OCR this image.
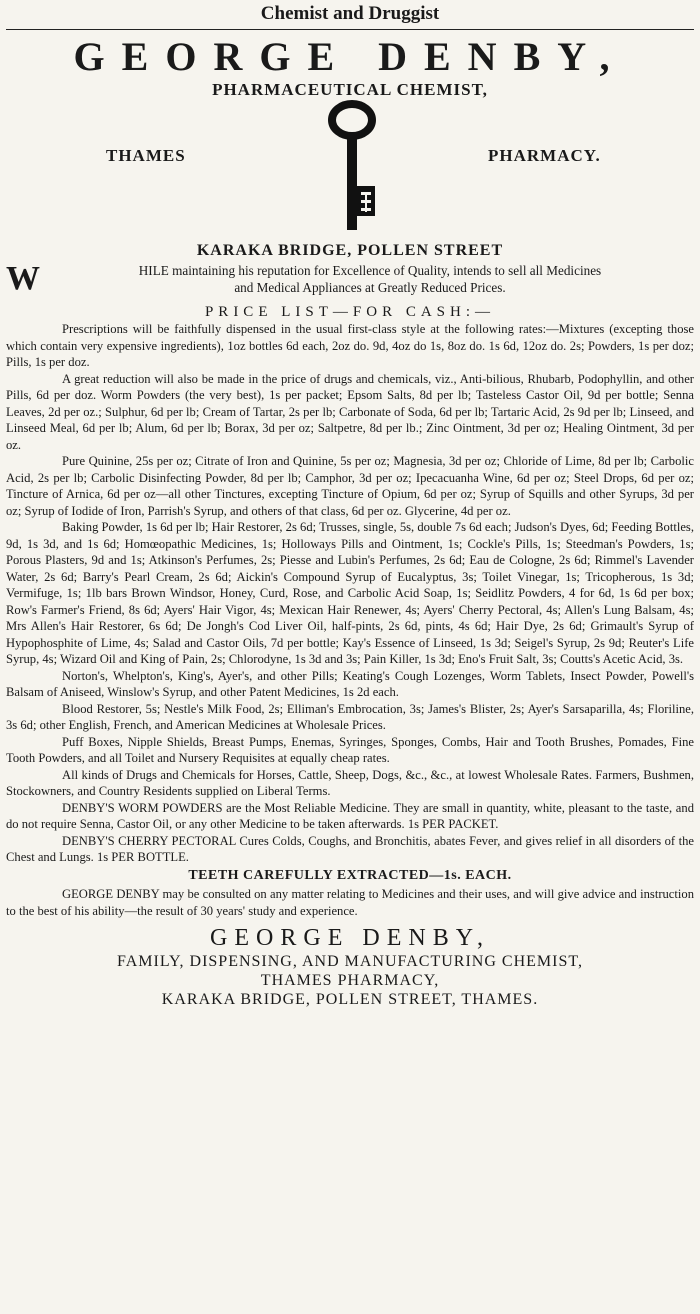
Chemist and Druggist
GEORGE DENBY,
PHARMACEUTICAL CHEMIST,
THAMES	PHARMACY.
KARAKA BRIDGE, POLLEN STREET
W	HILE maintaining his reputation for Excellence of Quality, intends to sell all Medicines
and Medical Appliances at Greatly Reduced Prices.
PRICE LIST—FOR CASH:—

Prescriptions will be faithfully dispensed in the usual first-class style at the following rates:—Mixtures (excepting those which contain very expensive ingredients), 1oz bottles 6d each, 2oz do. 9d, 4oz do 1s, 8oz do. 1s 6d, 12oz do. 2s; Powders, 1s per doz; Pills, 1s per doz.

A great reduction will also be made in the price of drugs and chemicals, viz., Anti-bilious, Rhubarb, Podophyllin, and other Pills, 6d per doz. Worm Powders (the very best), 1s per packet; Epsom Salts, 8d per lb; Tasteless Castor Oil, 9d per bottle; Senna Leaves, 2d per oz.; Sulphur, 6d per lb; Cream of Tartar, 2s per lb; Carbonate of Soda, 6d per lb; Tartaric Acid, 2s 9d per lb; Linseed, and Linseed Meal, 6d per lb; Alum, 6d per lb; Borax, 3d per oz; Saltpetre, 8d per lb.; Zinc Ointment, 3d per oz; Healing Ointment, 3d per oz.

Pure Quinine, 25s per oz; Citrate of Iron and Quinine, 5s per oz; Magnesia, 3d per oz; Chloride of Lime, 8d per lb; Carbolic Acid, 2s per lb; Carbolic Disinfecting Powder, 8d per lb; Camphor, 3d per oz; Ipecacuanha Wine, 6d per oz; Steel Drops, 6d per oz; Tincture of Arnica, 6d per oz—all other Tinctures, excepting Tincture of Opium, 6d per oz; Syrup of Squills and other Syrups, 3d per oz; Syrup of Iodide of Iron, Parrish's Syrup, and others of that class, 6d per oz. Glycerine, 4d per oz.

Baking Powder, 1s 6d per lb; Hair Restorer, 2s 6d; Trusses, single, 5s, double 7s 6d each; Judson's Dyes, 6d; Feeding Bottles, 9d, 1s 3d, and 1s 6d; Homœopathic Medicines, 1s; Holloways Pills and Ointment, 1s; Cockle's Pills, 1s; Steedman's Powders, 1s; Porous Plasters, 9d and 1s; Atkinson's Perfumes, 2s; Piesse and Lubin's Perfumes, 2s 6d; Eau de Cologne, 2s 6d; Rimmel's Lavender Water, 2s 6d; Barry's Pearl Cream, 2s 6d; Aickin's Compound Syrup of Eucalyptus, 3s; Toilet Vinegar, 1s; Tricopherous, 1s 3d; Vermifuge, 1s; 1lb bars Brown Windsor, Honey, Curd, Rose, and Carbolic Acid Soap, 1s; Seidlitz Powders, 4 for 6d, 1s 6d per box; Row's Farmer's Friend, 8s 6d; Ayers' Hair Vigor, 4s; Mexican Hair Renewer, 4s; Ayers' Cherry Pectoral, 4s; Allen's Lung Balsam, 4s; Mrs Allen's Hair Restorer, 6s 6d; De Jongh's Cod Liver Oil, half-pints, 2s 6d, pints, 4s 6d; Hair Dye, 2s 6d; Grimault's Syrup of Hypophosphite of Lime, 4s; Salad and Castor Oils, 7d per bottle; Kay's Essence of Linseed, 1s 3d; Seigel's Syrup, 2s 9d; Reuter's Life Syrup, 4s; Wizard Oil and King of Pain, 2s; Chlorodyne, 1s 3d and 3s; Pain Killer, 1s 3d; Eno's Fruit Salt, 3s; Coutts's Acetic Acid, 3s.

Norton's, Whelpton's, King's, Ayer's, and other Pills; Keating's Cough Lozenges, Worm Tablets, Insect Powder, Powell's Balsam of Aniseed, Winslow's Syrup, and other Patent Medicines, 1s 2d each.

Blood Restorer, 5s; Nestle's Milk Food, 2s; Elliman's Embrocation, 3s; James's Blister, 2s; Ayer's Sarsaparilla, 4s; Floriline, 3s 6d; other English, French, and American Medicines at Wholesale Prices.

Puff Boxes, Nipple Shields, Breast Pumps, Enemas, Syringes, Sponges, Combs, Hair and Tooth Brushes, Pomades, Fine Tooth Powders, and all Toilet and Nursery Requisites at equally cheap rates.

All kinds of Drugs and Chemicals for Horses, Cattle, Sheep, Dogs, &c., &c., at lowest Wholesale Rates. Farmers, Bushmen, Stockowners, and Country Residents supplied on Liberal Terms.

DENBY'S WORM POWDERS are the Most Reliable Medicine. They are small in quantity, white, pleasant to the taste, and do not require Senna, Castor Oil, or any other Medicine to be taken afterwards. 1s PER PACKET.

DENBY'S CHERRY PECTORAL Cures Colds, Coughs, and Bronchitis, abates Fever, and gives relief in all disorders of the Chest and Lungs. 1s PER BOTTLE.

TEETH CAREFULLY EXTRACTED—1s. EACH.

GEORGE DENBY may be consulted on any matter relating to Medicines and their uses, and will give advice and instruction to the best of his ability—the result of 30 years' study and experience.

GEORGE DENBY,
FAMILY, DISPENSING, AND MANUFACTURING CHEMIST,
THAMES PHARMACY,
KARAKA BRIDGE, POLLEN STREET, THAMES.
